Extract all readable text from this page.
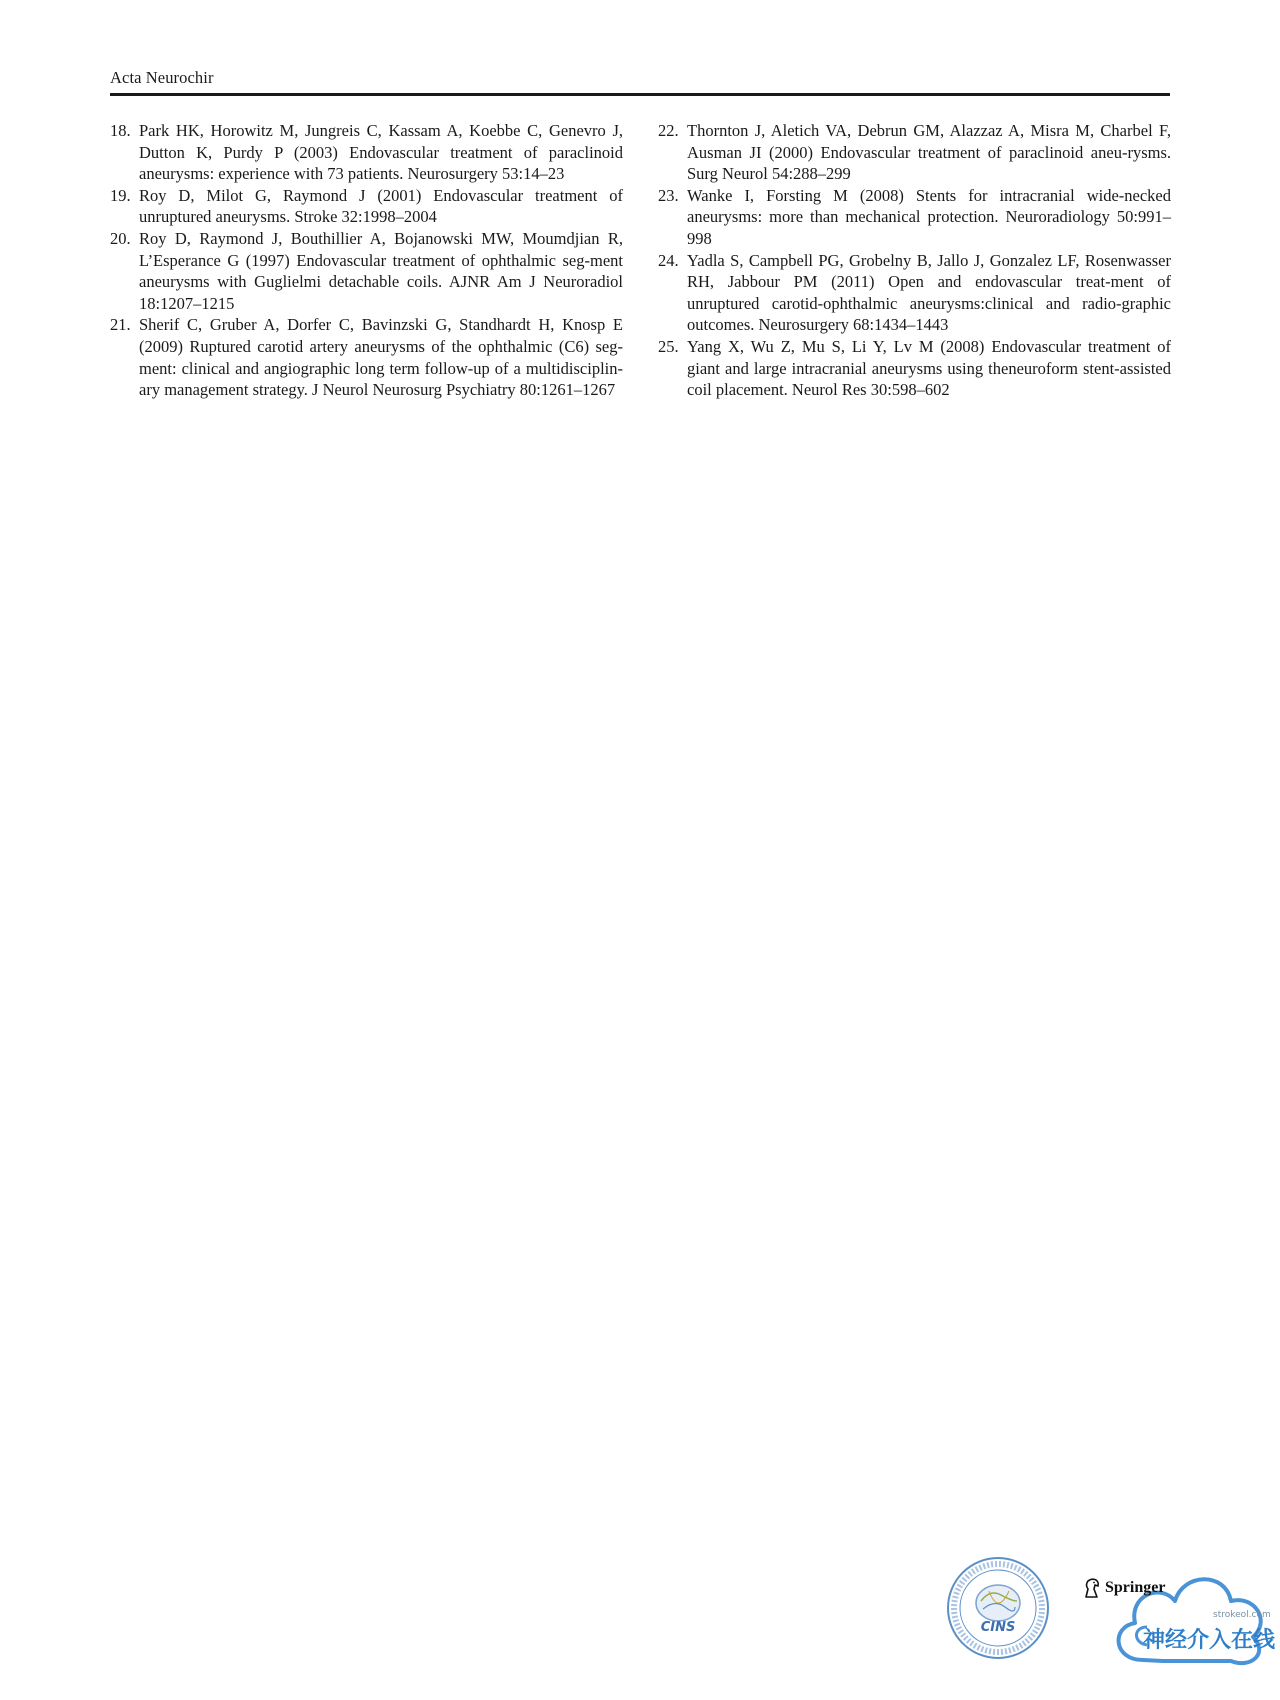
Acta Neurochir
18. Park HK, Horowitz M, Jungreis C, Kassam A, Koebbe C, Genevro J, Dutton K, Purdy P (2003) Endovascular treatment of paraclinoid aneurysms: experience with 73 patients. Neurosurgery 53:14–23
19. Roy D, Milot G, Raymond J (2001) Endovascular treatment of unruptured aneurysms. Stroke 32:1998–2004
20. Roy D, Raymond J, Bouthillier A, Bojanowski MW, Moumdjian R, L’Esperance G (1997) Endovascular treatment of ophthalmic seg-ment aneurysms with Guglielmi detachable coils. AJNR Am J Neuroradiol 18:1207–1215
21. Sherif C, Gruber A, Dorfer C, Bavinzski G, Standhardt H, Knosp E (2009) Ruptured carotid artery aneurysms of the ophthalmic (C6) seg-ment: clinical and angiographic long term follow-up of a multidisciplin-ary management strategy. J Neurol Neurosurg Psychiatry 80:1261–1267
22. Thornton J, Aletich VA, Debrun GM, Alazzaz A, Misra M, Charbel F, Ausman JI (2000) Endovascular treatment of paraclinoid aneu-rysms. Surg Neurol 54:288–299
23. Wanke I, Forsting M (2008) Stents for intracranial wide-necked aneurysms: more than mechanical protection. Neuroradiology 50:991–998
24. Yadla S, Campbell PG, Grobelny B, Jallo J, Gonzalez LF, Rosenwasser RH, Jabbour PM (2011) Open and endovascular treat-ment of unruptured carotid-ophthalmic aneurysms:clinical and radio-graphic outcomes. Neurosurgery 68:1434–1443
25. Yang X, Wu Z, Mu S, Li Y, Lv M (2008) Endovascular treatment of giant and large intracranial aneurysms using theneuroform stent-assisted coil placement. Neurol Res 30:598–602
CINS
Springer
strokeol.com
神经介入在线
